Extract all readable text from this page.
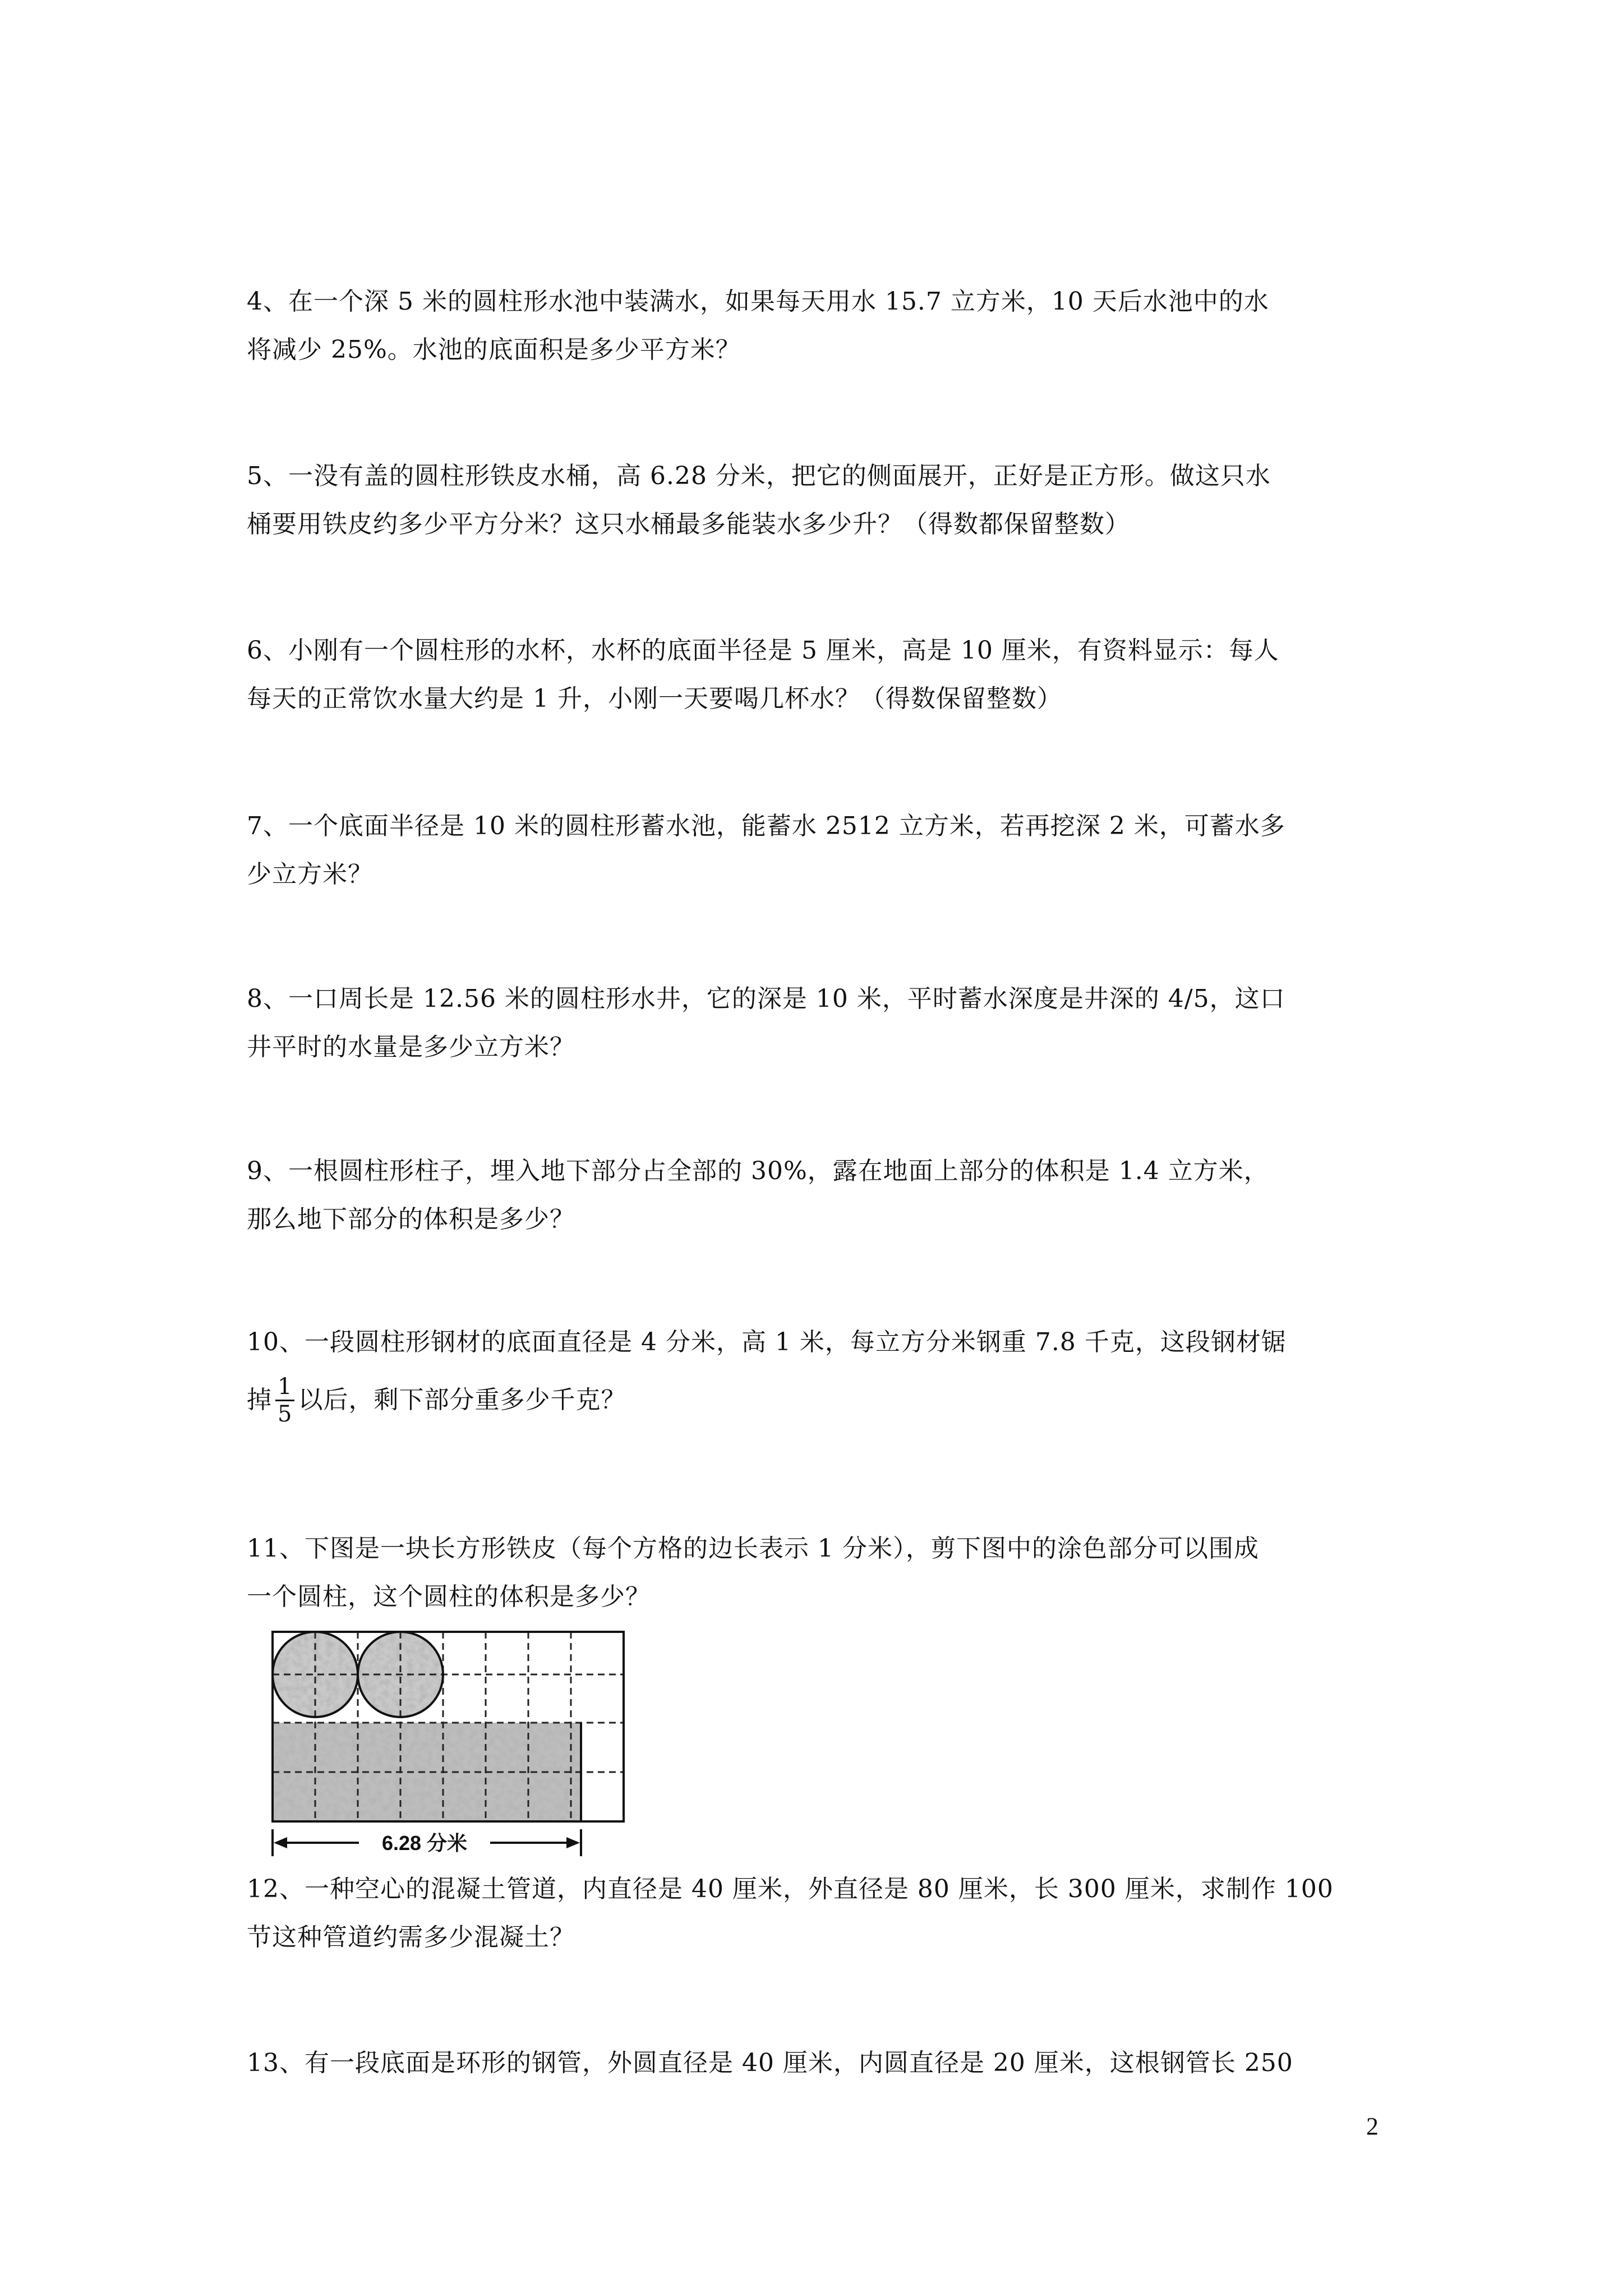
4、在一个深 5 米的圆柱形水池中装满水，如果每天用水 15.7 立方米，10 天后水池中的水

将减少 25%。水池的底面积是多少平方米？

5、一没有盖的圆柱形铁皮水桶，高 6.28 分米，把它的侧面展开，正好是正方形。做这只水

桶要用铁皮约多少平方分米？这只水桶最多能装水多少升？（得数都保留整数）

6、小刚有一个圆柱形的水杯，水杯的底面半径是 5 厘米，高是 10 厘米，有资料显示：每人

每天的正常饮水量大约是 1 升，小刚一天要喝几杯水？（得数保留整数）

7、一个底面半径是 10 米的圆柱形蓄水池，能蓄水 2512 立方米，若再挖深 2 米，可蓄水多

少立方米？

8、一口周长是 12.56 米的圆柱形水井，它的深是 10 米，平时蓄水深度是井深的 4/5，这口

井平时的水量是多少立方米？

9、一根圆柱形柱子，埋入地下部分占全部的 30%，露在地面上部分的体积是 1.4 立方米，

那么地下部分的体积是多少？

10、一段圆柱形钢材的底面直径是 4 分米，高 1 米，每立方分米钢重 7.8 千克，这段钢材锯

掉 $\frac{1}{5}$ 以后，剩下部分重多少千克？

11、下图是一块长方形铁皮（每个方格的边长表示 1 分米），剪下图中的涂色部分可以围成

一个圆柱，这个圆柱的体积是多少？

6.28 分米

12、一种空心的混凝土管道，内直径是 40 厘米，外直径是 80 厘米，长 300 厘米，求制作 100

节这种管道约需多少混凝土？

13、有一段底面是环形的钢管，外圆直径是 40 厘米，内圆直径是 20 厘米，这根钢管长 250

2
